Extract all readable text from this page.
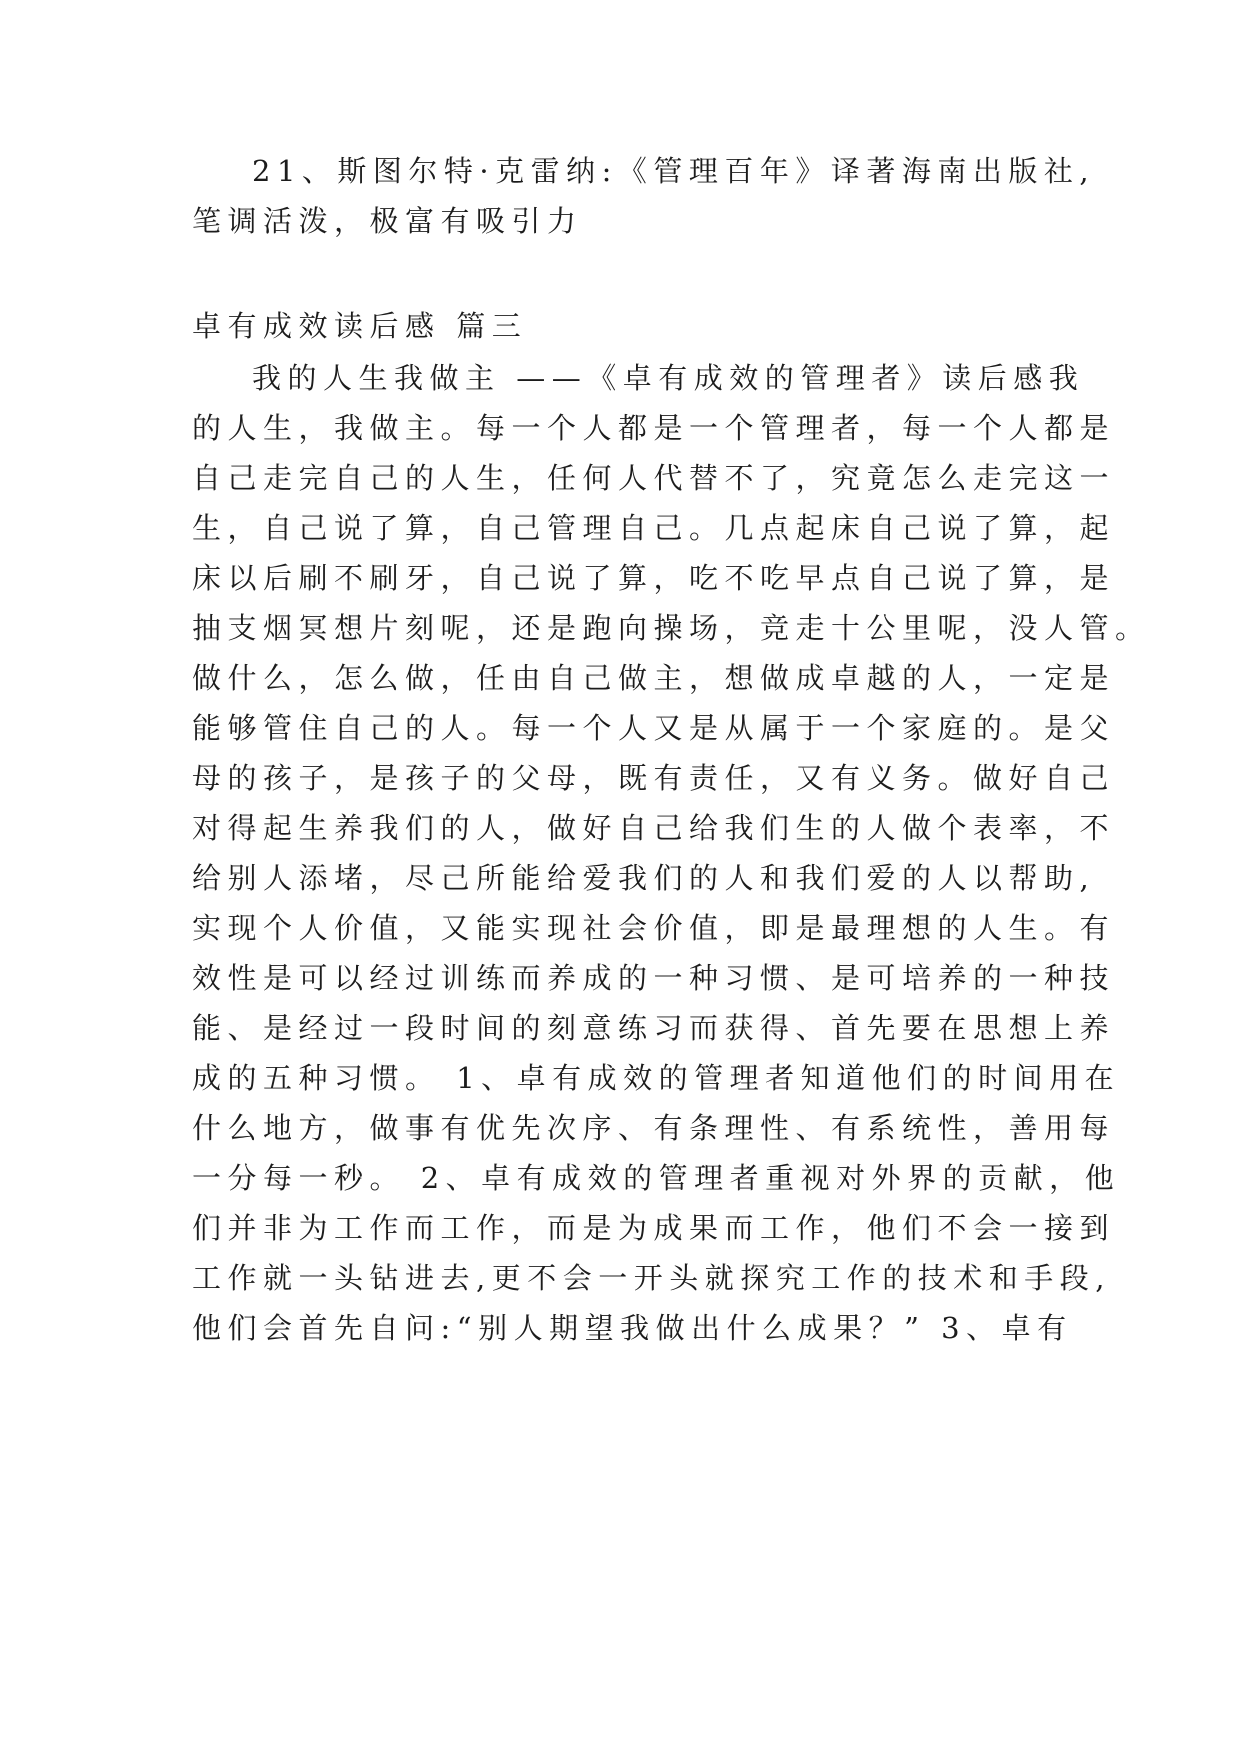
21、斯图尔特·克雷纳:《管理百年》译著海南出版社,

笔调活泼，极富有吸引力

卓有成效读后感 篇三

我的人生我做主 ——《卓有成效的管理者》读后感我

的人生，我做主。每一个人都是一个管理者，每一个人都是

自己走完自己的人生，任何人代替不了，究竟怎么走完这一

生，自己说了算，自己管理自己。几点起床自己说了算，起

床以后刷不刷牙，自己说了算，吃不吃早点自己说了算，是

抽支烟冥想片刻呢，还是跑向操场，竞走十公里呢，没人管。

做什么，怎么做，任由自己做主，想做成卓越的人，一定是

能够管住自己的人。每一个人又是从属于一个家庭的。是父

母的孩子，是孩子的父母，既有责任，又有义务。做好自己

对得起生养我们的人，做好自己给我们生的人做个表率，不

给别人添堵，尽己所能给爱我们的人和我们爱的人以帮助,

实现个人价值，又能实现社会价值，即是最理想的人生。有

效性是可以经过训练而养成的一种习惯、是可培养的一种技

能、是经过一段时间的刻意练习而获得、首先要在思想上养

成的五种习惯。 1、卓有成效的管理者知道他们的时间用在

什么地方，做事有优先次序、有条理性、有系统性，善用每

一分每一秒。 2、卓有成效的管理者重视对外界的贡献，他

们并非为工作而工作，而是为成果而工作，他们不会一接到

工作就一头钻进去,更不会一开头就探究工作的技术和手段,

他们会首先自问:“别人期望我做出什么成果？” 3、卓有
